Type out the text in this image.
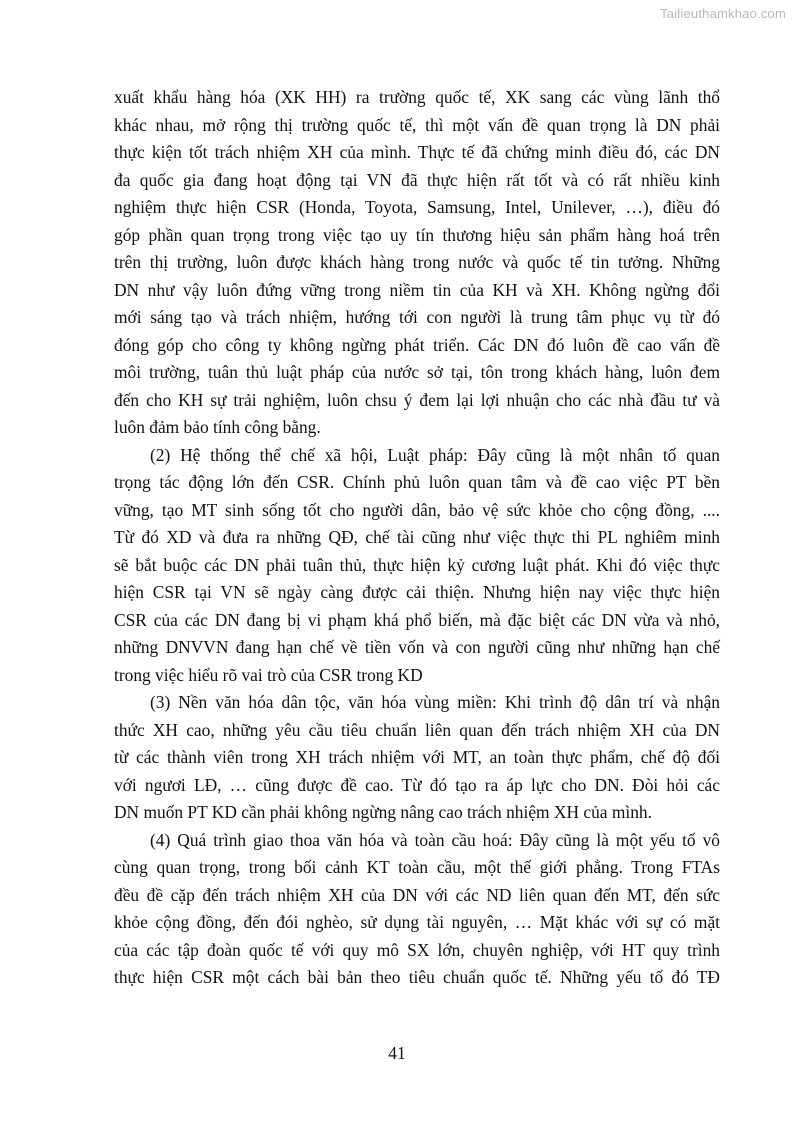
Tailieuthamkhao.com
xuất khẩu hàng hóa (XK HH) ra trường quốc tế, XK sang các vùng lãnh thổ
khác nhau, mở rộng thị trường quốc tế, thì một vấn đề quan trọng là DN phải
thực kiện tốt trách nhiệm XH của mình. Thực tế đã chứng minh điều đó, các DN
đa quốc gia đang hoạt động tại VN đã thực hiện rất tốt và có rất nhiều kinh
nghiệm thực hiện CSR (Honda, Toyota, Samsung, Intel, Unilever, …), điều đó
góp phần quan trọng trong việc tạo uy tín thương hiệu sản phẩm hàng hoá trên
trên thị trường, luôn được khách hàng trong nước và quốc tế tin tưởng. Những
DN như vậy luôn đứng vững trong niềm tin của KH và XH. Không ngừng đổi
mới sáng tạo và trách nhiệm, hướng tới con người là trung tâm phục vụ từ đó
đóng góp cho công ty không ngừng phát triển. Các DN đó luôn đề cao vấn đề
môi trường, tuân thủ luật pháp của nước sở tại, tôn trong khách hàng, luôn đem
đến cho KH sự trải nghiệm, luôn chsu ý đem lại lợi nhuận cho các nhà đầu tư và
luôn đảm bảo tính công bằng.
(2) Hệ thống thể chế xã hội, Luật pháp: Đây cũng là một nhân tố quan
trọng tác động lớn đến CSR. Chính phủ luôn quan tâm và đề cao việc PT bền
vững, tạo MT sinh sống tốt cho người dân, bảo vệ sức khỏe cho cộng đồng, ....
Từ đó XD và đưa ra những QĐ, chế tài cũng như việc thực thi PL nghiêm minh
sẽ bắt buộc các DN phải tuân thủ, thực hiện kỷ cương luật phát. Khi đó việc thực
hiện CSR tại VN sẽ ngày càng được cải thiện. Nhưng hiện nay việc thực hiện
CSR của các DN đang bị vi phạm khá phổ biến, mà đặc biệt các DN vừa và nhỏ,
những DNVVN đang hạn chế về tiền vốn và con người cũng như những hạn chế
trong việc hiểu rõ vai trò của CSR trong KD
(3) Nền văn hóa dân tộc, văn hóa vùng miền: Khi trình độ dân trí và nhận
thức XH cao, những yêu cầu tiêu chuẩn liên quan đến trách nhiệm XH của DN
từ các thành viên trong XH trách nhiệm với MT, an toàn thực phẩm, chế độ đối
với ngươi LĐ, … cũng được đề cao. Từ đó tạo ra áp lực cho DN. Đòi hỏi các
DN muốn PT KD cần phải không ngừng nâng cao trách nhiệm XH của mình.
(4) Quá trình giao thoa văn hóa và toàn cầu hoá: Đây cũng là một yếu tố vô
cùng quan trọng, trong bối cảnh KT toàn cầu, một thế giới phẳng. Trong FTAs
đều đề cặp đến trách nhiệm XH của DN với các ND liên quan đến MT, đến sức
khỏe cộng đồng, đến đói nghèo, sử dụng tài nguyên, … Mặt khác với sự có mặt
của các tập đoàn quốc tế với quy mô SX lớn, chuyên nghiệp, với HT quy trình
thực hiện CSR một cách bài bản theo tiêu chuẩn quốc tế. Những yếu tố đó TĐ
41
